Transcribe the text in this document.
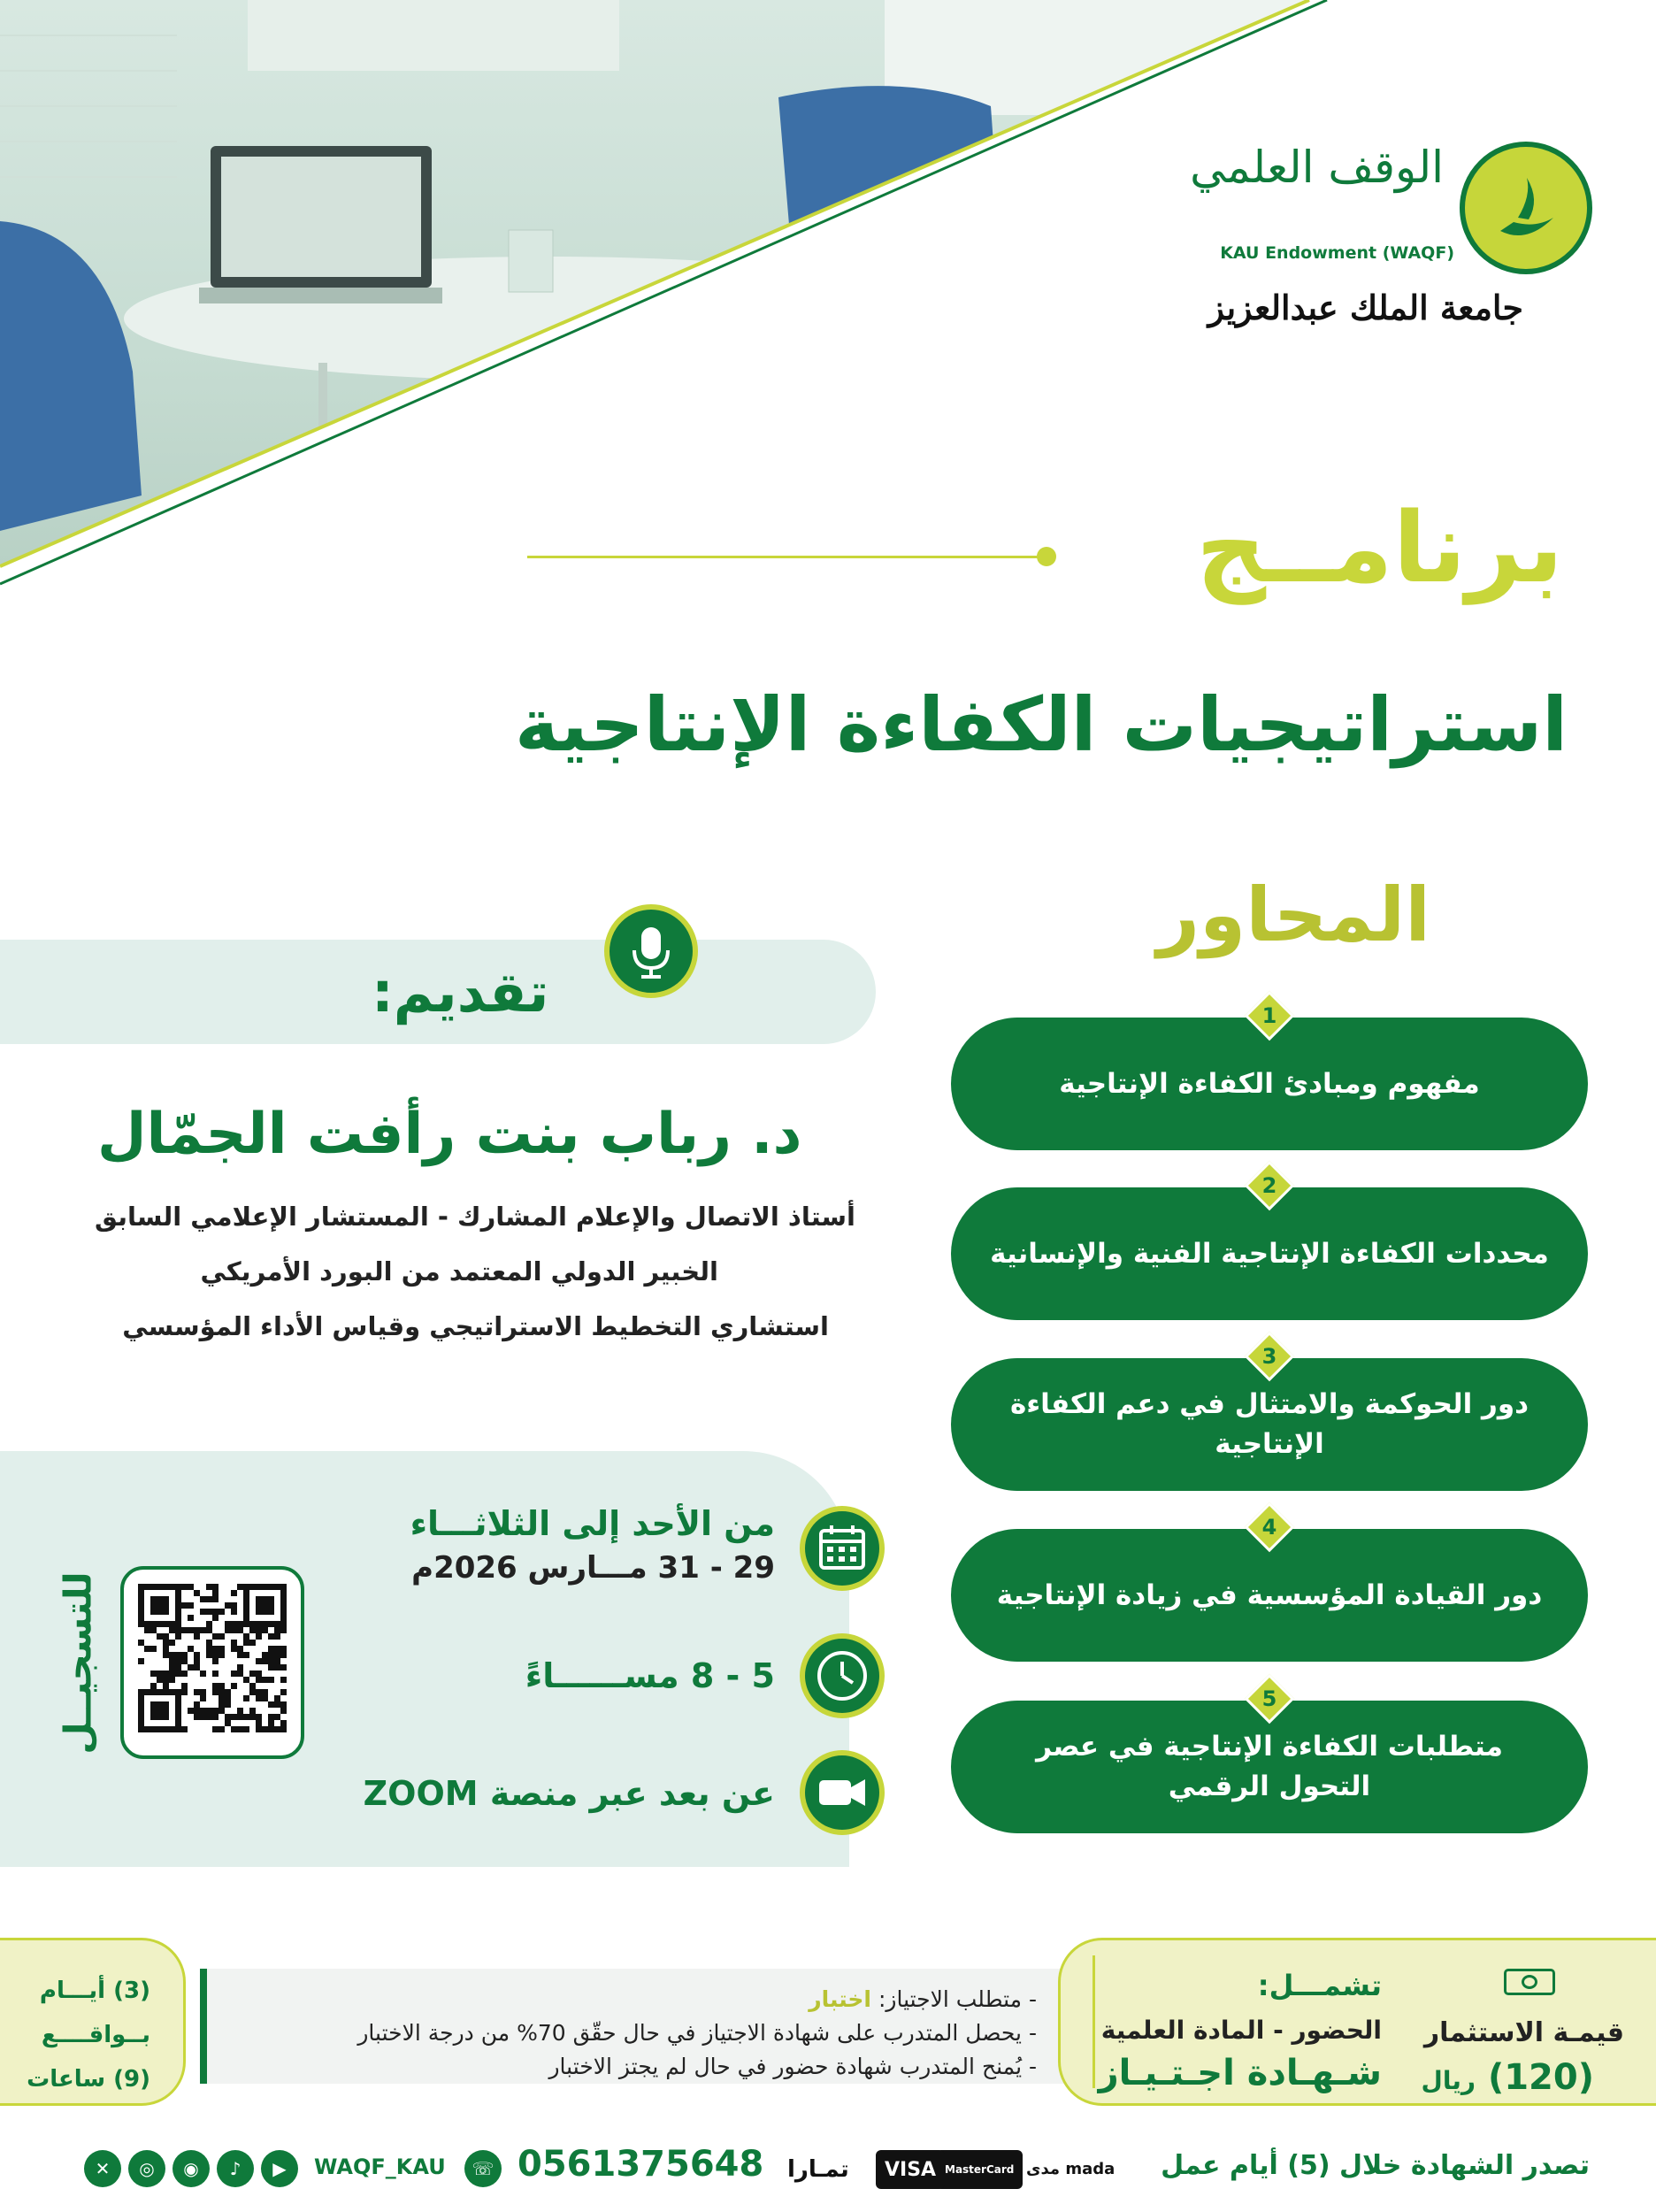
الوقف العلمي
KAU Endowment (WAQF)
جامعة الملك عبدالعزيز
برنامــج
استراتيجيات الكفاءة الإنتاجية
المحاور
مفهوم ومبادئ الكفاءة الإنتاجية
1
محددات الكفاءة الإنتاجية الفنية والإنسانية
2
دور الحوكمة والامتثال في دعم الكفاءة الإنتاجية
3
دور القيادة المؤسسية في زيادة الإنتاجية
4
متطلبات الكفاءة الإنتاجية في عصر التحول الرقمي
5
تقديم:
د. رباب بنت رأفت الجمّال
أستاذ الاتصال والإعلام المشارك - المستشار الإعلامي السابق
الخبير الدولي المعتمد من البورد الأمريكي
استشاري التخطيط الاستراتيجي وقياس الأداء المؤسسي
من الأحد إلى الثلاثـــاء
29 - 31 مـــارس 2026م
5 - 8 مســــــاءً
عن بعد عبر منصة ZOOM
للتسجيــل
(3) أيـــام
بــواقــــع
(9) ساعات
- متطلب الاجتياز: اختبار
- يحصل المتدرب على شهادة الاجتياز في حال حقّق 70% من درجة الاختبار
- يُمنح المتدرب شهادة حضور في حال لم يجتز الاختبار
قيمـة الاستثمار
(120) ريال
تشمـــل:
الحضور - المادة العلمية
شـهـادة اجـتـيـاز
تصدر الشهادة خلال (5) أيام عمل
مدى mada
MasterCard
VISA
تمـارا
0561375648
☏
WAQF_KAU
▶
♪
◉
◎
✕
